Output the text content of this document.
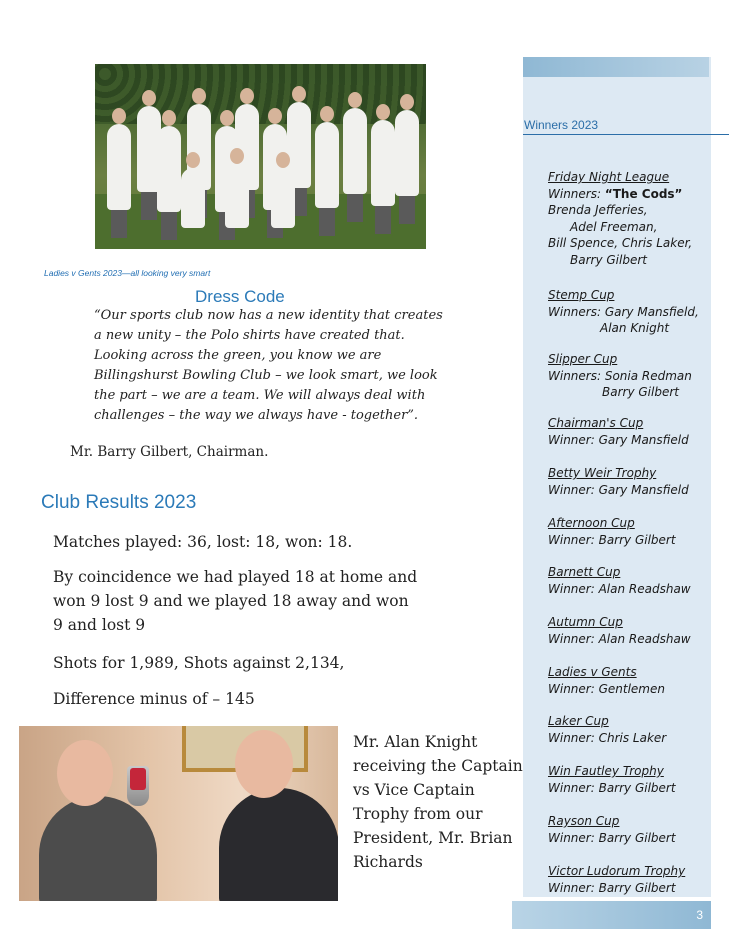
Ladies v Gents 2023—all looking very smart
Dress Code

“Our sports club now has a new identity that creates a new unity – the Polo shirts have created that. Looking across the green, you know we are Billingshurst Bowling Club – we look smart, we look the part – we are a team. We will always deal with challenges – the way we always have - together”.

Mr. Barry Gilbert, Chairman.
Club Results 2023

Matches played: 36, lost: 18, won: 18.

By coincidence we had played 18 at home and won 9 lost 9 and we played 18 away and won 9 and lost 9

Shots for 1,989, Shots against 2,134,

Difference minus of – 145

Mr. Alan Knight receiving the Captain vs Vice Captain Trophy from our President, Mr. Brian Richards

Winners 2023
Friday Night League
Winners: “The Cods”
Brenda Jefferies,
Adel Freeman,
Bill Spence, Chris Laker,
Barry Gilbert
Stemp Cup
Winners: Gary Mansfield,
Alan Knight
Slipper Cup
Winners: Sonia Redman
Barry Gilbert
Chairman's Cup
Winner: Gary Mansfield
Betty Weir Trophy
Winner: Gary Mansfield
Afternoon Cup
Winner: Barry Gilbert
Barnett Cup
Winner: Alan Readshaw
Autumn Cup
Winner: Alan Readshaw
Ladies v Gents
Winner: Gentlemen
Laker Cup
Winner: Chris Laker
Win Fautley Trophy
Winner: Barry Gilbert
Rayson Cup
Winner: Barry Gilbert
Victor Ludorum Trophy
Winner: Barry Gilbert
3
